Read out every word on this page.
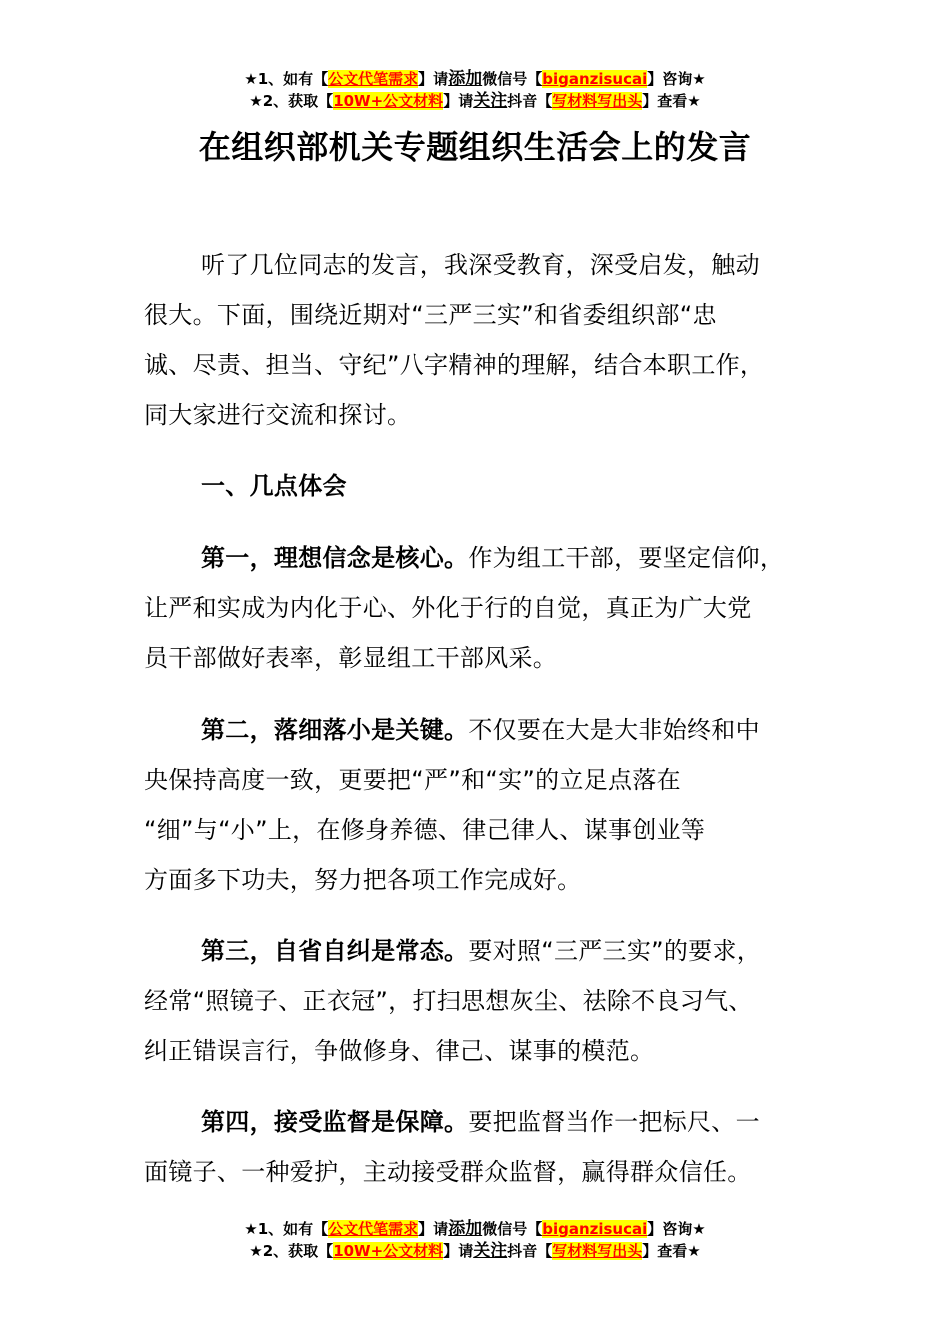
★1、如有【公文代笔需求】请添加微信号【biganzisucai】咨询★
★2、获取【10W+公文材料】请关注抖音【写材料写出头】查看★
在组织部机关专题组织生活会上的发言
听了几位同志的发言，我深受教育，深受启发，触动
很大。下面，围绕近期对“三严三实”和省委组织部“忠
诚、尽责、担当、守纪”八字精神的理解，结合本职工作，
同大家进行交流和探讨。
一、几点体会
第一，理想信念是核心。作为组工干部，要坚定信仰，
让严和实成为内化于心、外化于行的自觉，真正为广大党
员干部做好表率，彰显组工干部风采。
第二，落细落小是关键。不仅要在大是大非始终和中
央保持高度一致，更要把“严”和“实”的立足点落在
“细”与“小”上，在修身养德、律己律人、谋事创业等
方面多下功夫，努力把各项工作完成好。
第三，自省自纠是常态。要对照“三严三实”的要求，
经常“照镜子、正衣冠”，打扫思想灰尘、祛除不良习气、
纠正错误言行，争做修身、律己、谋事的模范。
第四，接受监督是保障。要把监督当作一把标尺、一
面镜子、一种爱护，主动接受群众监督，赢得群众信任。
★1、如有【公文代笔需求】请添加微信号【biganzisucai】咨询★
★2、获取【10W+公文材料】请关注抖音【写材料写出头】查看★
